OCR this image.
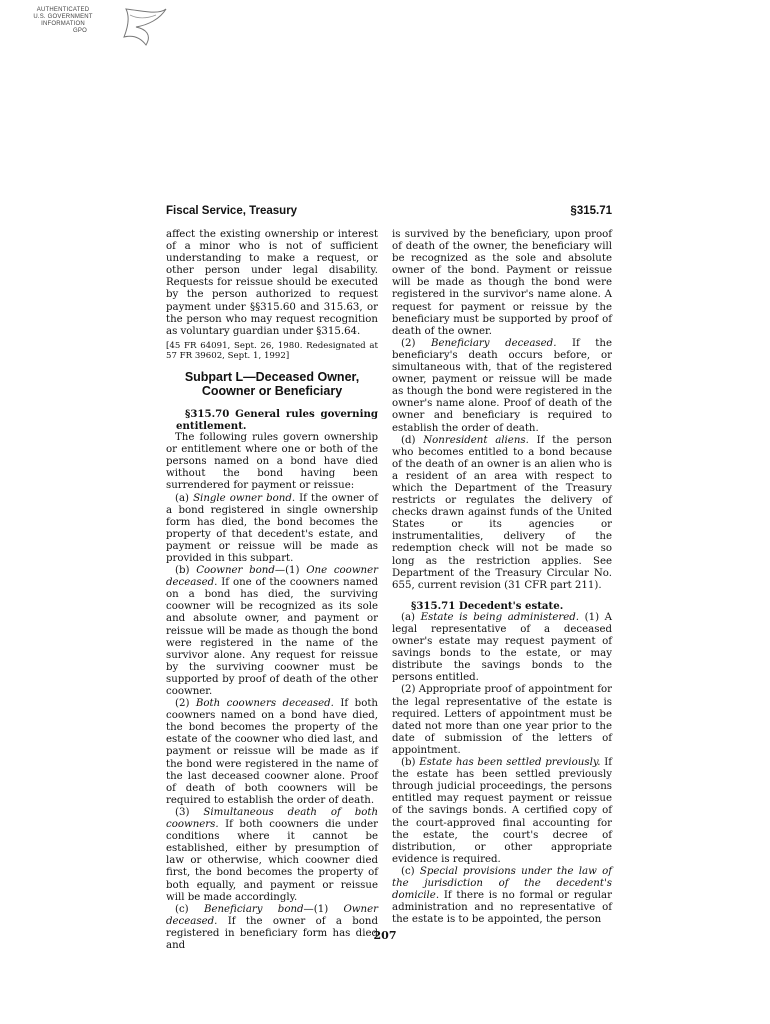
AUTHENTICATED
U.S. GOVERNMENT
INFORMATION
GPO
Fiscal Service, Treasury	§315.71

affect the existing ownership or interest of a minor who is not of sufficient understanding to make a request, or other person under legal disability. Requests for reissue should be executed by the person authorized to request payment under §§315.60 and 315.63, or the person who may request recognition as voluntary guardian under §315.64.

[45 FR 64091, Sept. 26, 1980. Redesignated at 57 FR 39602, Sept. 1, 1992]

Subpart L—Deceased Owner,
Coowner or Beneficiary

§315.70 General rules governing entitlement.

The following rules govern ownership or entitlement where one or both of the persons named on a bond have died without the bond having been surrendered for payment or reissue:

(a) Single owner bond. If the owner of a bond registered in single ownership form has died, the bond becomes the property of that decedent's estate, and payment or reissue will be made as provided in this subpart.

(b) Coowner bond—(1) One coowner deceased. If one of the coowners named on a bond has died, the surviving coowner will be recognized as its sole and absolute owner, and payment or reissue will be made as though the bond were registered in the name of the survivor alone. Any request for reissue by the surviving coowner must be supported by proof of death of the other coowner.

(2) Both coowners deceased. If both coowners named on a bond have died, the bond becomes the property of the estate of the coowner who died last, and payment or reissue will be made as if the bond were registered in the name of the last deceased coowner alone. Proof of death of both coowners will be required to establish the order of death.

(3) Simultaneous death of both coowners. If both coowners die under conditions where it cannot be established, either by presumption of law or otherwise, which coowner died first, the bond becomes the property of both equally, and payment or reissue will be made accordingly.

(c) Beneficiary bond—(1) Owner deceased. If the owner of a bond registered in beneficiary form has died and

is survived by the beneficiary, upon proof of death of the owner, the beneficiary will be recognized as the sole and absolute owner of the bond. Payment or reissue will be made as though the bond were registered in the survivor's name alone. A request for payment or reissue by the beneficiary must be supported by proof of death of the owner.

(2) Beneficiary deceased. If the beneficiary's death occurs before, or simultaneous with, that of the registered owner, payment or reissue will be made as though the bond were registered in the owner's name alone. Proof of death of the owner and beneficiary is required to establish the order of death.

(d) Nonresident aliens. If the person who becomes entitled to a bond because of the death of an owner is an alien who is a resident of an area with respect to which the Department of the Treasury restricts or regulates the delivery of checks drawn against funds of the United States or its agencies or instrumentalities, delivery of the redemption check will not be made so long as the restriction applies. See Department of the Treasury Circular No. 655, current revision (31 CFR part 211).

§315.71 Decedent's estate.

(a) Estate is being administered. (1) A legal representative of a deceased owner's estate may request payment of savings bonds to the estate, or may distribute the savings bonds to the persons entitled.

(2) Appropriate proof of appointment for the legal representative of the estate is required. Letters of appointment must be dated not more than one year prior to the date of submission of the letters of appointment.

(b) Estate has been settled previously. If the estate has been settled previously through judicial proceedings, the persons entitled may request payment or reissue of the savings bonds. A certified copy of the court-approved final accounting for the estate, the court's decree of distribution, or other appropriate evidence is required.

(c) Special provisions under the law of the jurisdiction of the decedent's domicile. If there is no formal or regular administration and no representative of the estate is to be appointed, the person

207
